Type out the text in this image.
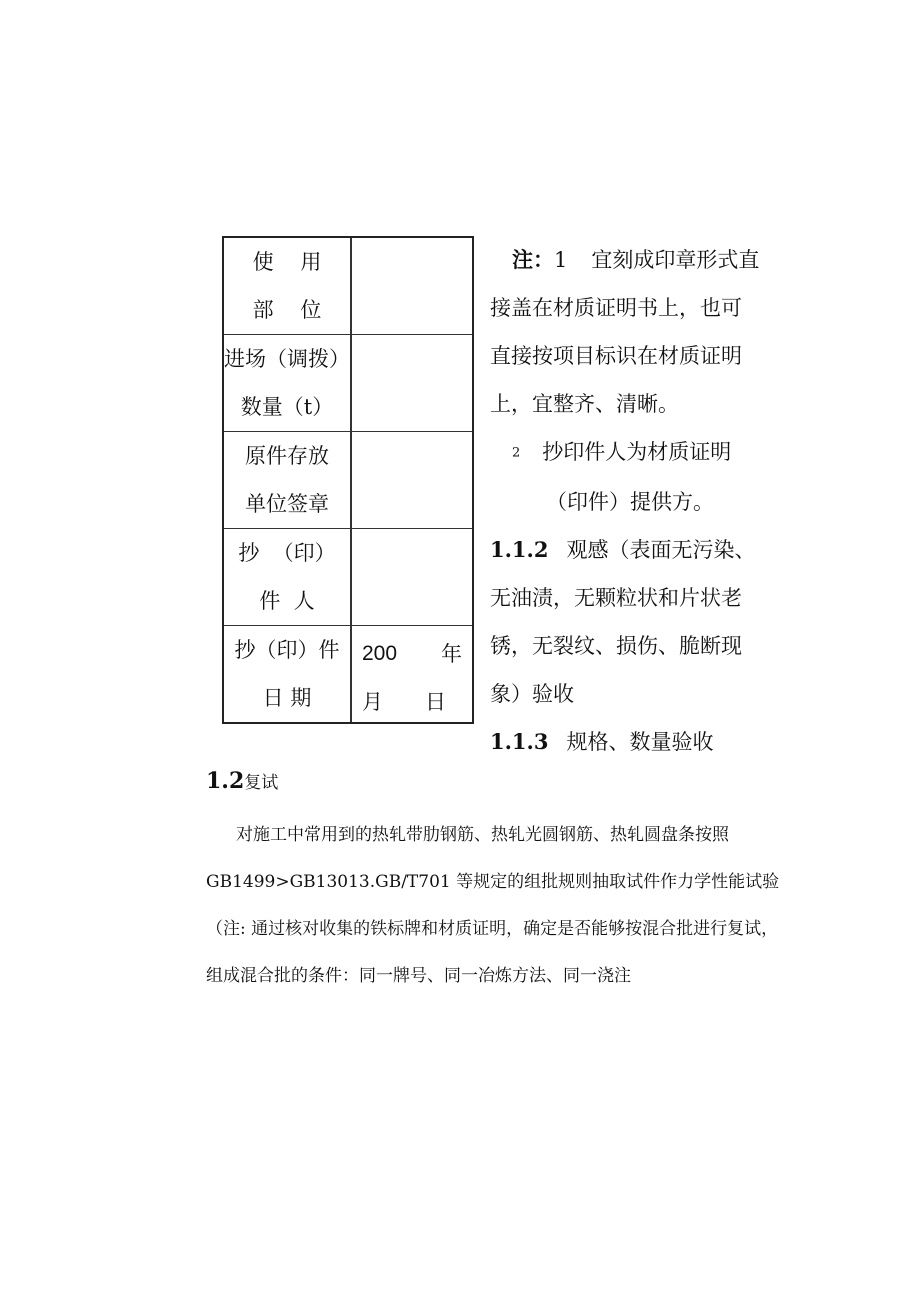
使    用
部    位
进场（调拨）
数量（t）
原件存放
单位签章
抄  （印）
件  人
抄（印）件
日 期
200 年
月 日

注：1 宜刻成印章形式直

接盖在材质证明书上，也可

直接按项目标识在材质证明

上，宜整齐、清晰。

2 抄印件人为材质证明

（印件）提供方。

1.1.2 观感（表面无污染、

无油渍，无颗粒状和片状老

锈，无裂纹、损伤、脆断现

象）验收

1.1.3 规格、数量验收

1.2复试

对施工中常用到的热轧带肋钢筋、热轧光圆钢筋、热轧圆盘条按照

GB1499>GB13013.GB/T701 等规定的组批规则抽取试件作力学性能试验

（注: 通过核对收集的铁标牌和材质证明，确定是否能够按混合批进行复试，

组成混合批的条件：同一牌号、同一冶炼方法、同一浇注
